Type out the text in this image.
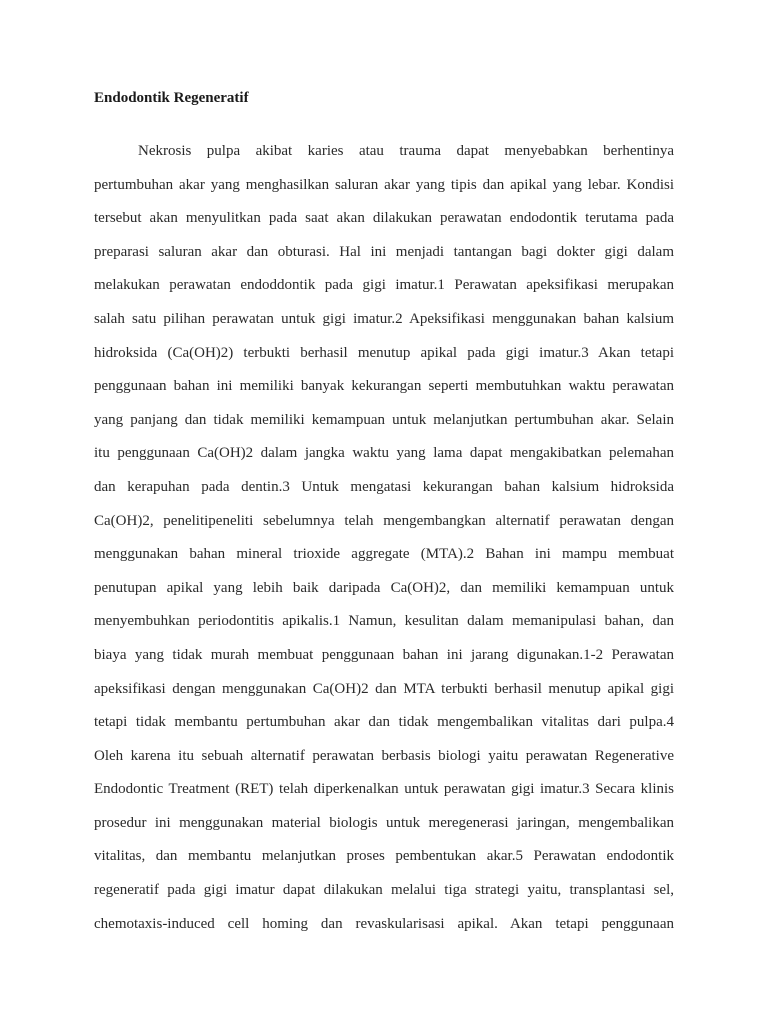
Endodontik Regeneratif
Nekrosis pulpa akibat karies atau trauma dapat menyebabkan berhentinya
pertumbuhan akar yang menghasilkan saluran akar yang tipis dan apikal yang lebar. Kondisi
tersebut akan menyulitkan pada saat akan dilakukan perawatan endodontik terutama pada
preparasi saluran akar dan obturasi. Hal ini menjadi tantangan bagi dokter gigi dalam
melakukan perawatan endoddontik pada gigi imatur.1 Perawatan apeksifikasi merupakan
salah satu pilihan perawatan untuk gigi imatur.2 Apeksifikasi menggunakan bahan kalsium
hidroksida (Ca(OH)2) terbukti berhasil menutup apikal pada gigi imatur.3 Akan tetapi
penggunaan bahan ini memiliki banyak kekurangan seperti membutuhkan waktu perawatan
yang panjang dan tidak memiliki kemampuan untuk melanjutkan pertumbuhan akar. Selain
itu penggunaan Ca(OH)2 dalam jangka waktu yang lama dapat mengakibatkan pelemahan
dan kerapuhan pada dentin.3 Untuk mengatasi kekurangan bahan kalsium hidroksida
Ca(OH)2, penelitipeneliti sebelumnya telah mengembangkan alternatif perawatan dengan
menggunakan bahan mineral trioxide aggregate (MTA).2 Bahan ini mampu membuat
penutupan apikal yang lebih baik daripada Ca(OH)2, dan memiliki kemampuan untuk
menyembuhkan periodontitis apikalis.1 Namun, kesulitan dalam memanipulasi bahan, dan
biaya yang tidak murah membuat penggunaan bahan ini jarang digunakan.1-2 Perawatan
apeksifikasi dengan menggunakan Ca(OH)2 dan MTA terbukti berhasil menutup apikal gigi
tetapi tidak membantu pertumbuhan akar dan tidak mengembalikan vitalitas dari pulpa.4
Oleh karena itu sebuah alternatif perawatan berbasis biologi yaitu perawatan Regenerative
Endodontic Treatment (RET) telah diperkenalkan untuk perawatan gigi imatur.3 Secara klinis
prosedur ini menggunakan material biologis untuk meregenerasi jaringan, mengembalikan
vitalitas, dan membantu melanjutkan proses pembentukan akar.5 Perawatan endodontik
regeneratif pada gigi imatur dapat dilakukan melalui tiga strategi yaitu, transplantasi sel,
chemotaxis-induced cell homing dan revaskularisasi apikal. Akan tetapi penggunaan
